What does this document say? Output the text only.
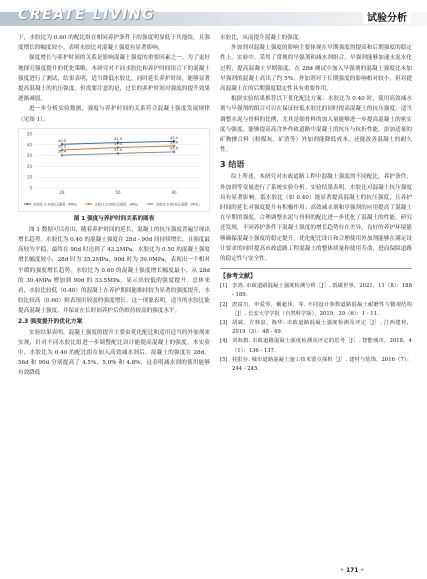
CREATE LIVING	试验分析

下，水胶比为 0.60 的配比组在相同养护条件下的强度明显低于其他组，且强度增长的幅度较小。表明水胶比对混凝土强度有显著影响。

强度增长与养护时间的关系是影响混凝土强度的重要因素之一。为了更好地探究强度提升的优化策略，本研究对不同水胶比和养护时间组合下的混凝土强度进行了测试，结果表明，适当降低水胶比，同时延长养护时间，能够显著提高混凝土的抗压强度。但需要注意的是，过长的养护时间对强度的提升效果逐渐减弱。

进一步分析实验数据，强度与养护时间的关系符合混凝土强度发展规律（见图 1）。

0
10
20
30
40
50
28	56	90
40.5	42.0	43.2
35.2	37.5	39.0
30.4	32.0	33.5
水胶比 0.40抗压强度（MPa）	水胶比 0.50抗压强度（MPa）	水胶比 0.60抗压强度（MPa）
图 1 强度与养护时间关系的图表

图 1 数据可以看出，随着养护时间的延长，混凝土的抗压强度普遍呈现出增长趋势。水胶比为 0.40 的混凝土强度在 28d - 90d 间持续增长，且强度最高较为平稳，最终在 90d 时达到了 43.2MPa。水胶比为 0.50 的混凝土强度增长幅度较小，28d 时为 35.2MPa，90d 时为 39.0MPa，表现出一个相对平缓的强度增长趋势。水胶比为 0.60 的混凝土强度增长幅度最小，从 28d 的 30.4MPa 增加到 90d 的 33.5MPa，显示出较低的强度提升。总体来看，水胶比较低（0.40）的混凝土在养护期间能维持较为显著的强度提升，水胶比较高（0.60）则表现出较弱的强度增长。这一现象表明，适当的水胶比能提高混凝土强度，并保证在长时间养护后仍维持较高的强度水平。

2.3 强度提升的优化方案

实验结果表明，混凝土强度的提升主要由优化配比和适用适当的外加剂来实现，针对不同水胶比组进一步调整配比设计能提高混凝土的强度。本实验中，水胶比为 0.40 的配比组在加入高效减水剂后，混凝土的强度在 28d、56d 和 90d 分别提高了 4.5%、5.0% 和 4.8%，这表明减水剂的使用能够有效降低

水胶比，从而提升混凝土的强度。

外加剂对混凝土强度的影响主要体现在早期强度的提高和后期强度的稳定性上。实验中，采用了常规的早强剂和减水剂组合，早强剂能够加速水泥水化过程，提高混凝土早期强度，在 28d 测试中加入早强剂的混凝土强度比未加早强剂的混凝土高出了约 5%。外加剂对于长期强度的影响相对较小，但对提高混凝土在的后期强度稳定性具有重要作用。

根据实验结果推荐以下优化配比方案：水胶比为 0.40 时，使用高效减水剂与早强剂的组合可以在保证较低水胶比的同时提高混凝土的抗压强度。适当调整水泥与骨料的比例，尤其是细骨料的加入量能够进一步提高混凝土的密实度与强度，能够提高高含外作政道路中混凝土的抗压与抗折性能。添加适量的矿物掺合料（粉煤灰、矿渣等）外加剂能降低成本，还能改善混凝土的耐久性。

3 结语

综上所述，本研究对市政道路工程中混凝土强度的不同配比，养护条件、外加剂等变量进行了系统实验分析。实验结果表明，水胶比对混凝土抗压强度具有显著影响。低水胶比（如 0.40）能显著提高混凝土的抗压强度，且养护时间的延长对强度提升有积极作用；高效减水剂和早强剂的应用提高了混凝土在早期的强度，合理调整水泥与骨料的配比进一步优化了混凝土的性能。研究还发现，不同养护条件下混凝土强度的增长趋势存在差异，良好的养护环境能够确保混凝土强度的稳定提升。优化配比设计和合理使用外加剂能够在满足设计要求的同时提高市政道路工程混凝土的整体质量和使用寿命，进而保障道路的稳定性与安全性。

【参考文献】
[1] 李鸿. 市政道路混凝土强度检测分析［J］. 低碳世界，2021，11（8）：188 - 189.
[2] 唐富川，申爱琴，戴超伟，等. 不同设计参数道路混凝土耐磨性与微观结构［J］. 长安大学学报（自然科学版），2019，39（6）：1 - 11.
[3] 胡斌，方林泉，陈华. 市政道路混凝土强度检测及评定［J］. 江西建材，2019（3）：48 - 49.
[4] 刘海旗. 市政道路混凝土强度检测及评定的思考［J］. 智能城市，2018，4（1）：136 - 137.
[5] 桂阳存. 城市道路混凝土施工技术要点探析［J］. 建材与装饰，2016（7）：244 - 245.
• 171 •
